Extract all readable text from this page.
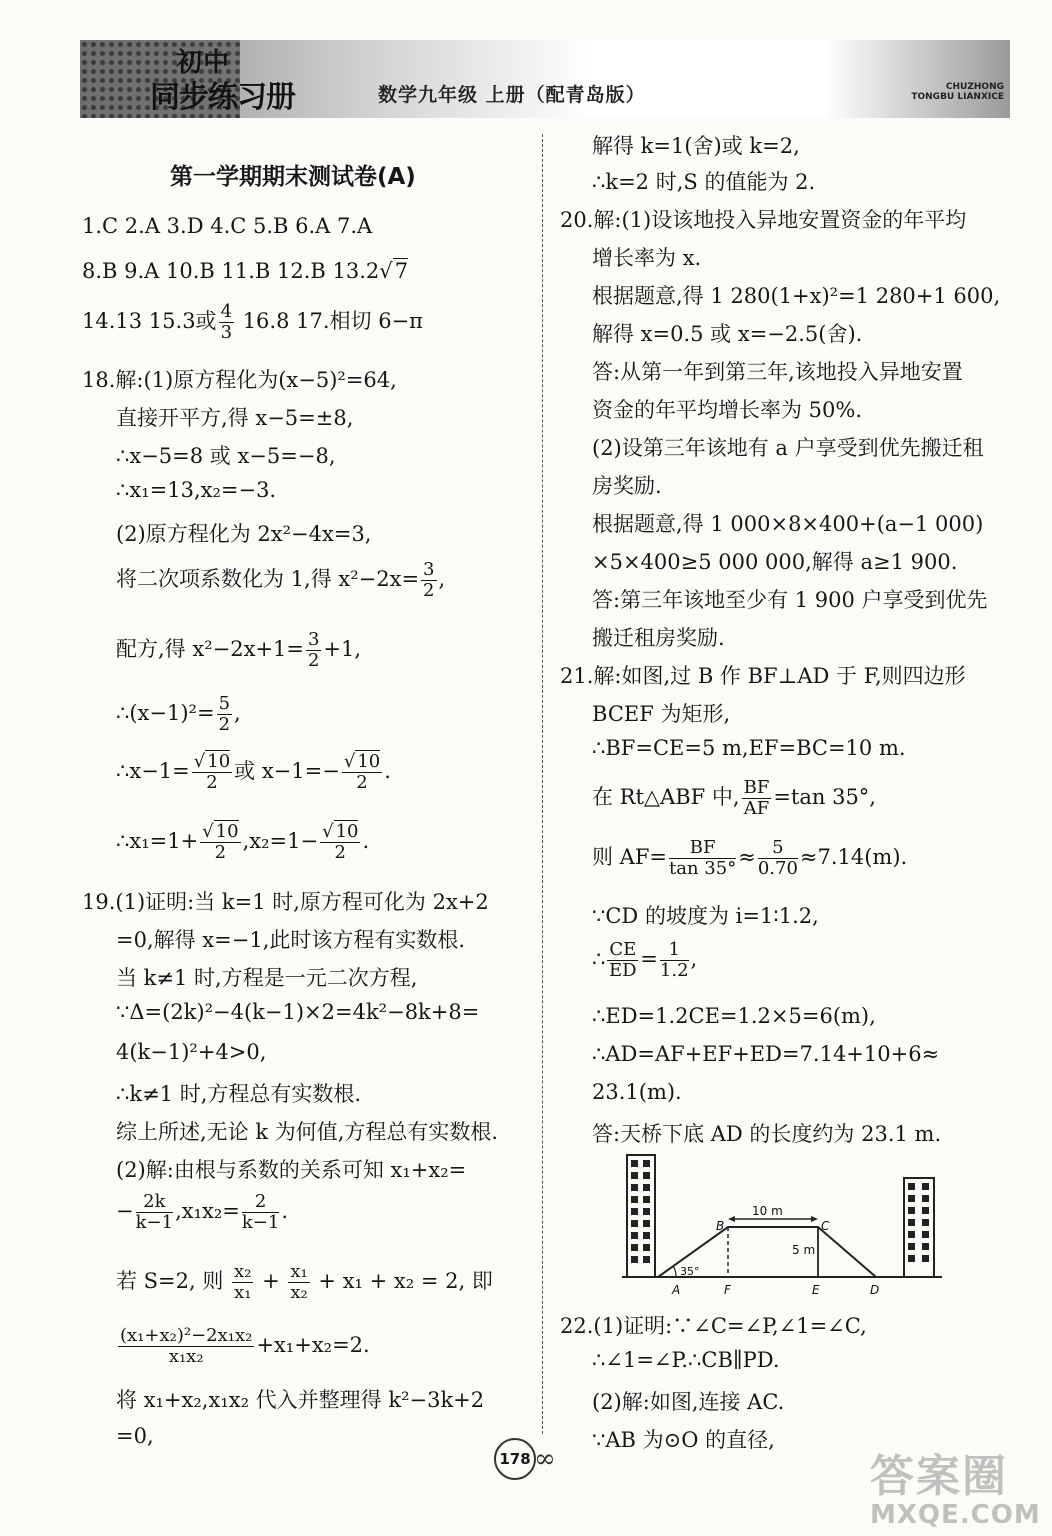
初中
同步练习册	数学九年级 上册（配青岛版）	CHUZHONG
TONGBU LIANXICE
第一学期期末测试卷(A)
1.C 2.A 3.D 4.C 5.B 6.A 7.A
8.B 9.A 10.B 11.B 12.B 13.2√7
14.13 15.3或 $\frac{4}{3} 16.8$ 17.相切 6−π
18.解:(1)原方程化为(x−5)²=64,
直接开平方,得 x−5=±8,
∴x−5=8 或 x−5=−8,
∴x₁=13,x₂=−3.
(2)原方程化为 2x²−4x=3,
将二次项系数化为 1,得 $x^2-2x= \frac{3}{2}$ ,
配方,得 $x^2-2x+1= \frac{3}{2} +1$,
∴(x−1)²= $\frac{5}{2}$ ,
∴x−1= $\frac{√ 10}{2}$ 或 $x-1=- \frac{√ 10}{2}$ .
∴x₁=1+ $\frac{√ 10}{2} ,x_2=1- \frac{√ 10}{2}$ .
19.(1)证明:当 k=1 时,原方程可化为 2x+2
=0,解得 x=−1,此时该方程有实数根.
当 k≠1 时,方程是一元二次方程,
∵Δ=(2k)²−4(k−1)×2=4k²−8k+8=
4(k−1)²+4>0,
∴k≠1 时,方程总有实数根.
综上所述,无论 k 为何值,方程总有实数根.
(2)解:由根与系数的关系可知 x₁+x₂=
− $\frac{2k}{k-1} ,x_1x_2= \frac{2}{k-1}$ .
若 S=2, 则 $\frac{\text{x₂}}{\text{x₁}} + \frac{\text{x₁}}{\text{x₂}} + x_1 + x_2 = 2$, 即
$\frac{\text{(x₁+x₂)²−2x₁x₂}}{\text{x₁x₂}} +x_1+x_2=2$.
将 x₁+x₂,x₁x₂ 代入并整理得 k²−3k+2
=0,
解得 k=1(舍)或 k=2,
∴k=2 时,S 的值能为 2.
20.解:(1)设该地投入异地安置资金的年平均
增长率为 x.
根据题意,得 1 280(1+x)²=1 280+1 600,
解得 x=0.5 或 x=−2.5(舍).
答:从第一年到第三年,该地投入异地安置
资金的年平均增长率为 50%.
(2)设第三年该地有 a 户享受到优先搬迁租
房奖励.
根据题意,得 1 000×8×400+(a−1 000)
×5×400≥5 000 000,解得 a≥1 900.
答:第三年该地至少有 1 900 户享受到优先
搬迁租房奖励.
21.解:如图,过 B 作 BF⊥AD 于 F,则四边形
BCEF 为矩形,
∴BF=CE=5 m,EF=BC=10 m.
在 Rt△ABF 中, $\frac{BF}{AF} =\tan$ 35°,
则 $AF= \frac{BF}{\tan 35^\circ} \approx \frac{5}{0.70} \approx 7.14(m)$.
∵CD 的坡度为 i=1∶1.2,
∴ $\frac{CE}{ED} = \frac{1}{1.2}$ ,
∴ED=1.2CE=1.2×5=6(m),
∴AD=AF+EF+ED=7.14+10+6≈
23.1(m).
答:天桥下底 AD 的长度约为 23.1 m.
22.(1)证明:∵∠C=∠P,∠1=∠C,
∴∠1=∠P.∴CB∥PD.
(2)解:如图,连接 AC.
∵AB 为⊙O 的直径,
10 m
5 m
35°
A
B	C
D
E
F
178 ∞	答案圈
MXQE.COM
